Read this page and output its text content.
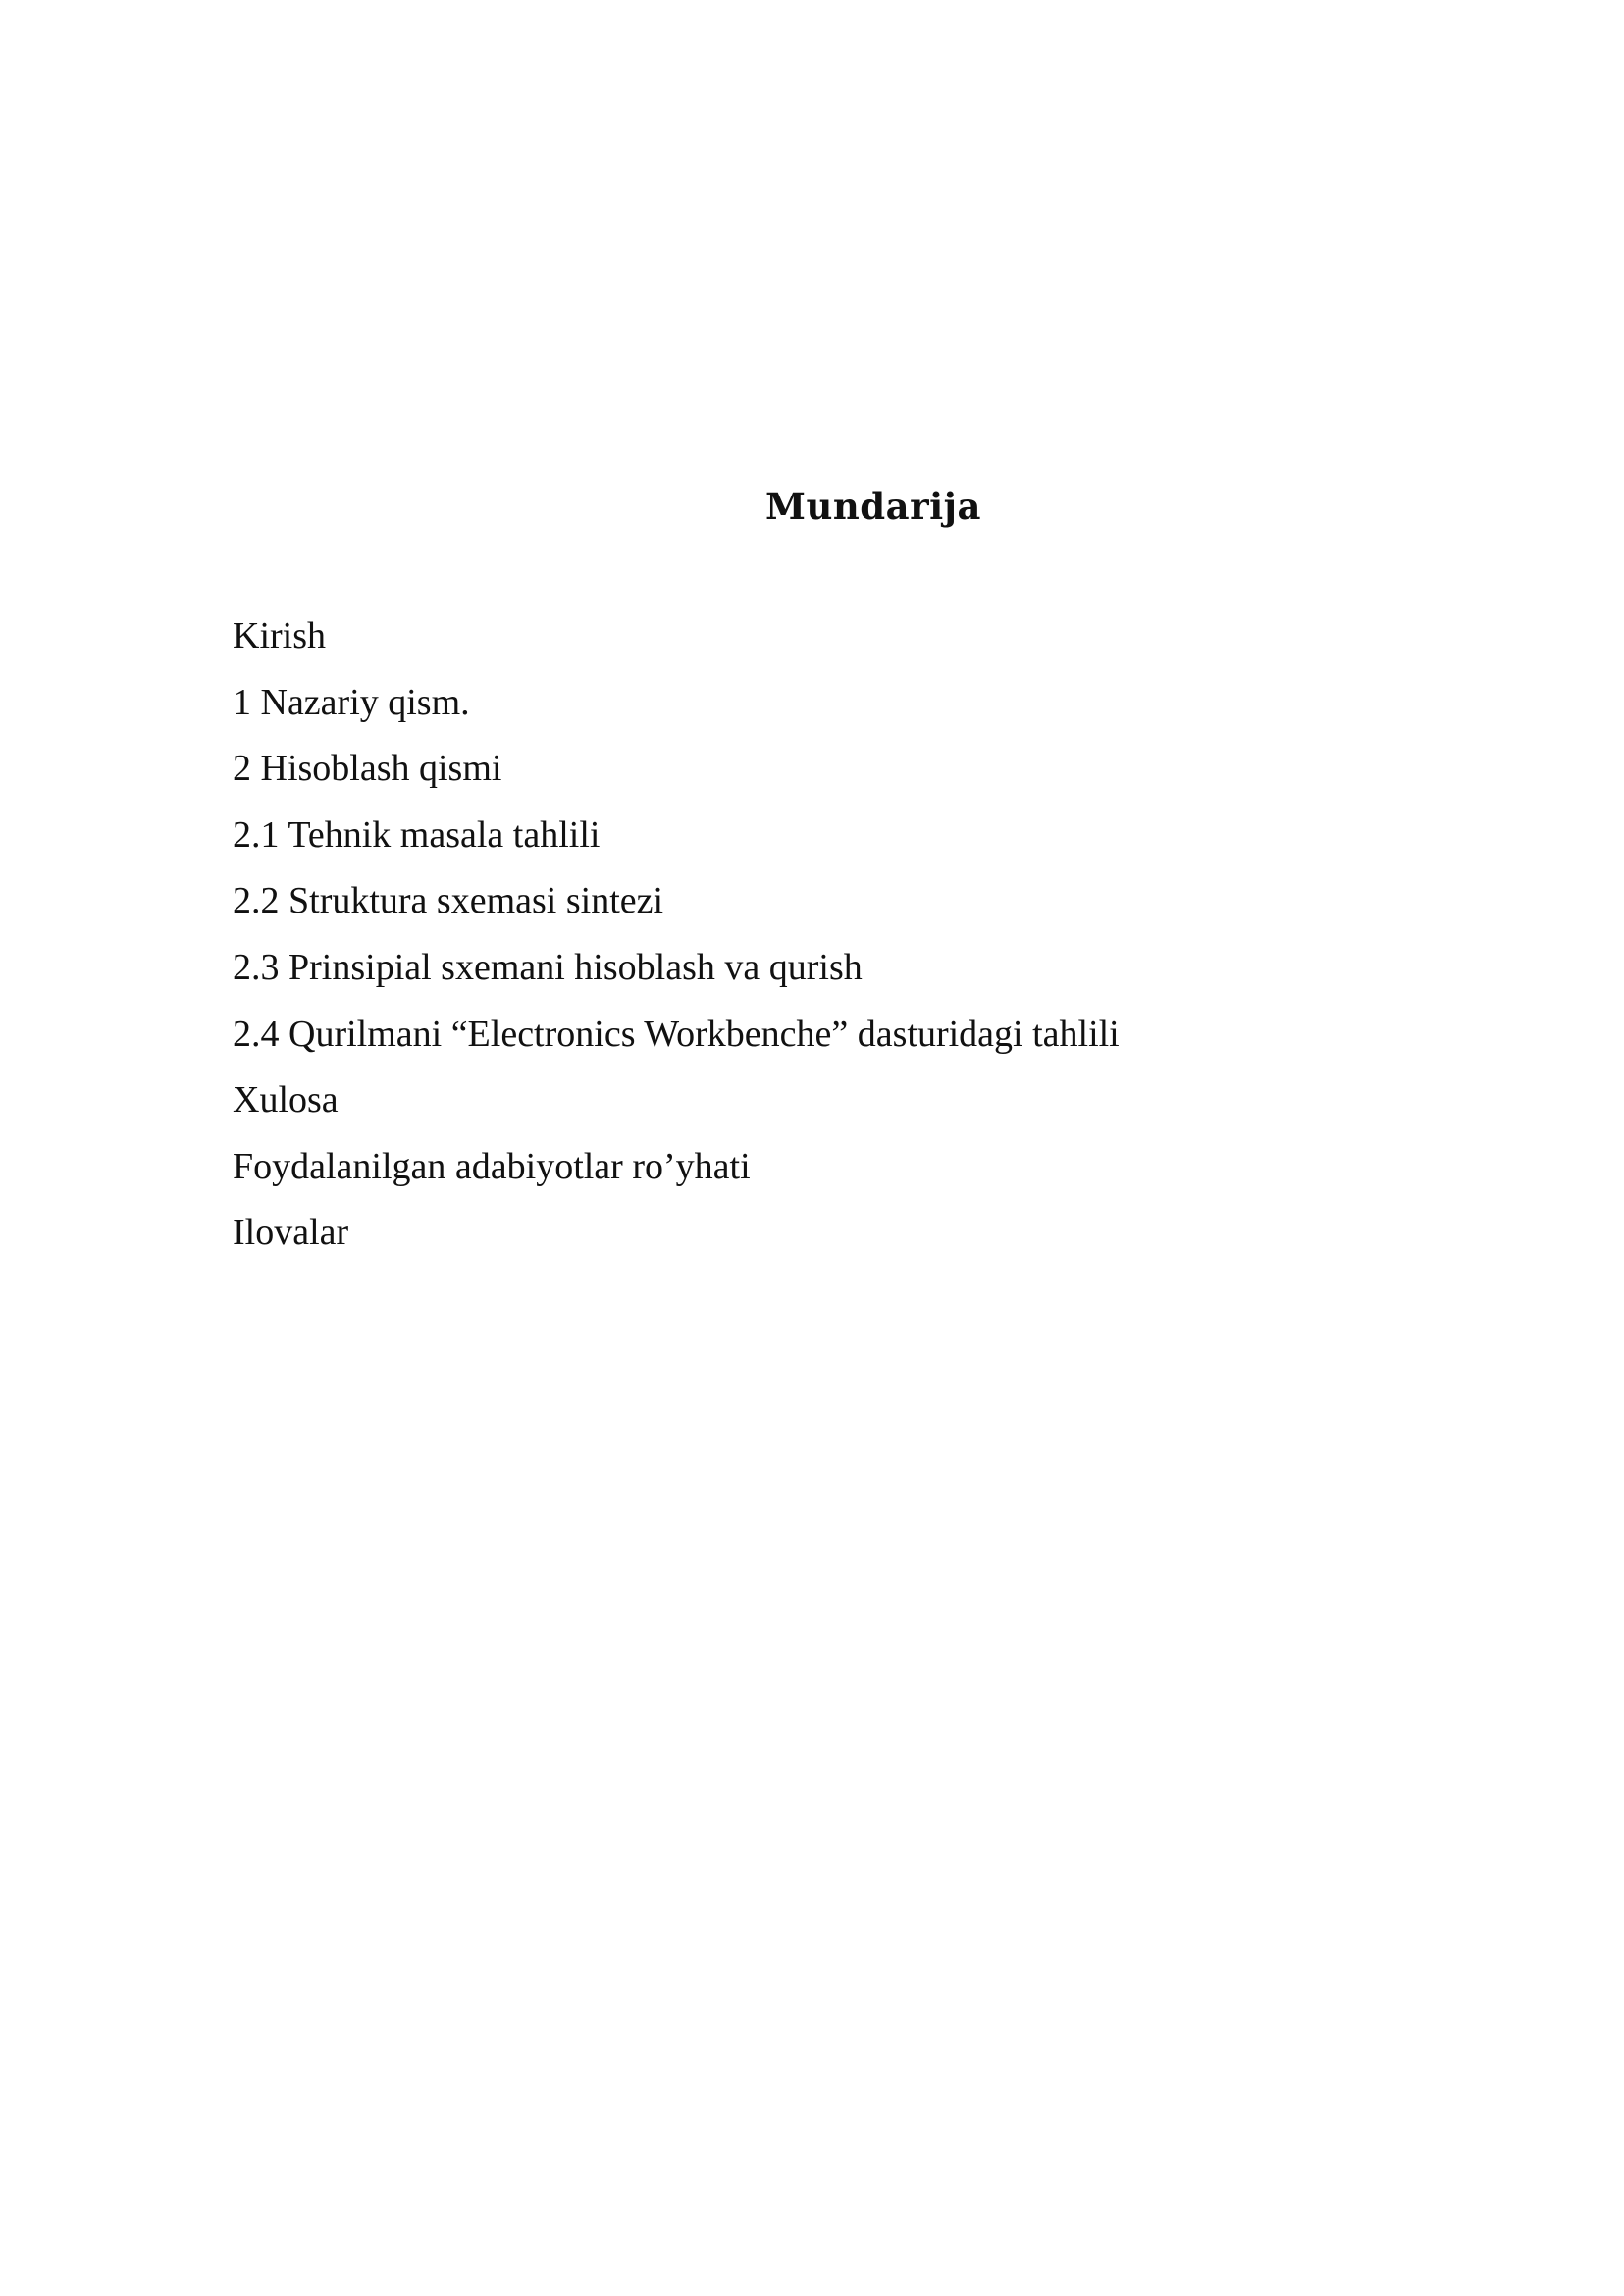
Mundarija
Kirish
1 Nazariy qism.
2 Hisoblash qismi
2.1 Tehnik masala tahlili
2.2 Struktura sxemasi sintezi
2.3 Prinsipial sxemani hisoblash va qurish
2.4 Qurilmani “Electronics Workbenche” dasturidagi tahlili
Xulosa
Foydalanilgan adabiyotlar ro’yhati
Ilovalar
